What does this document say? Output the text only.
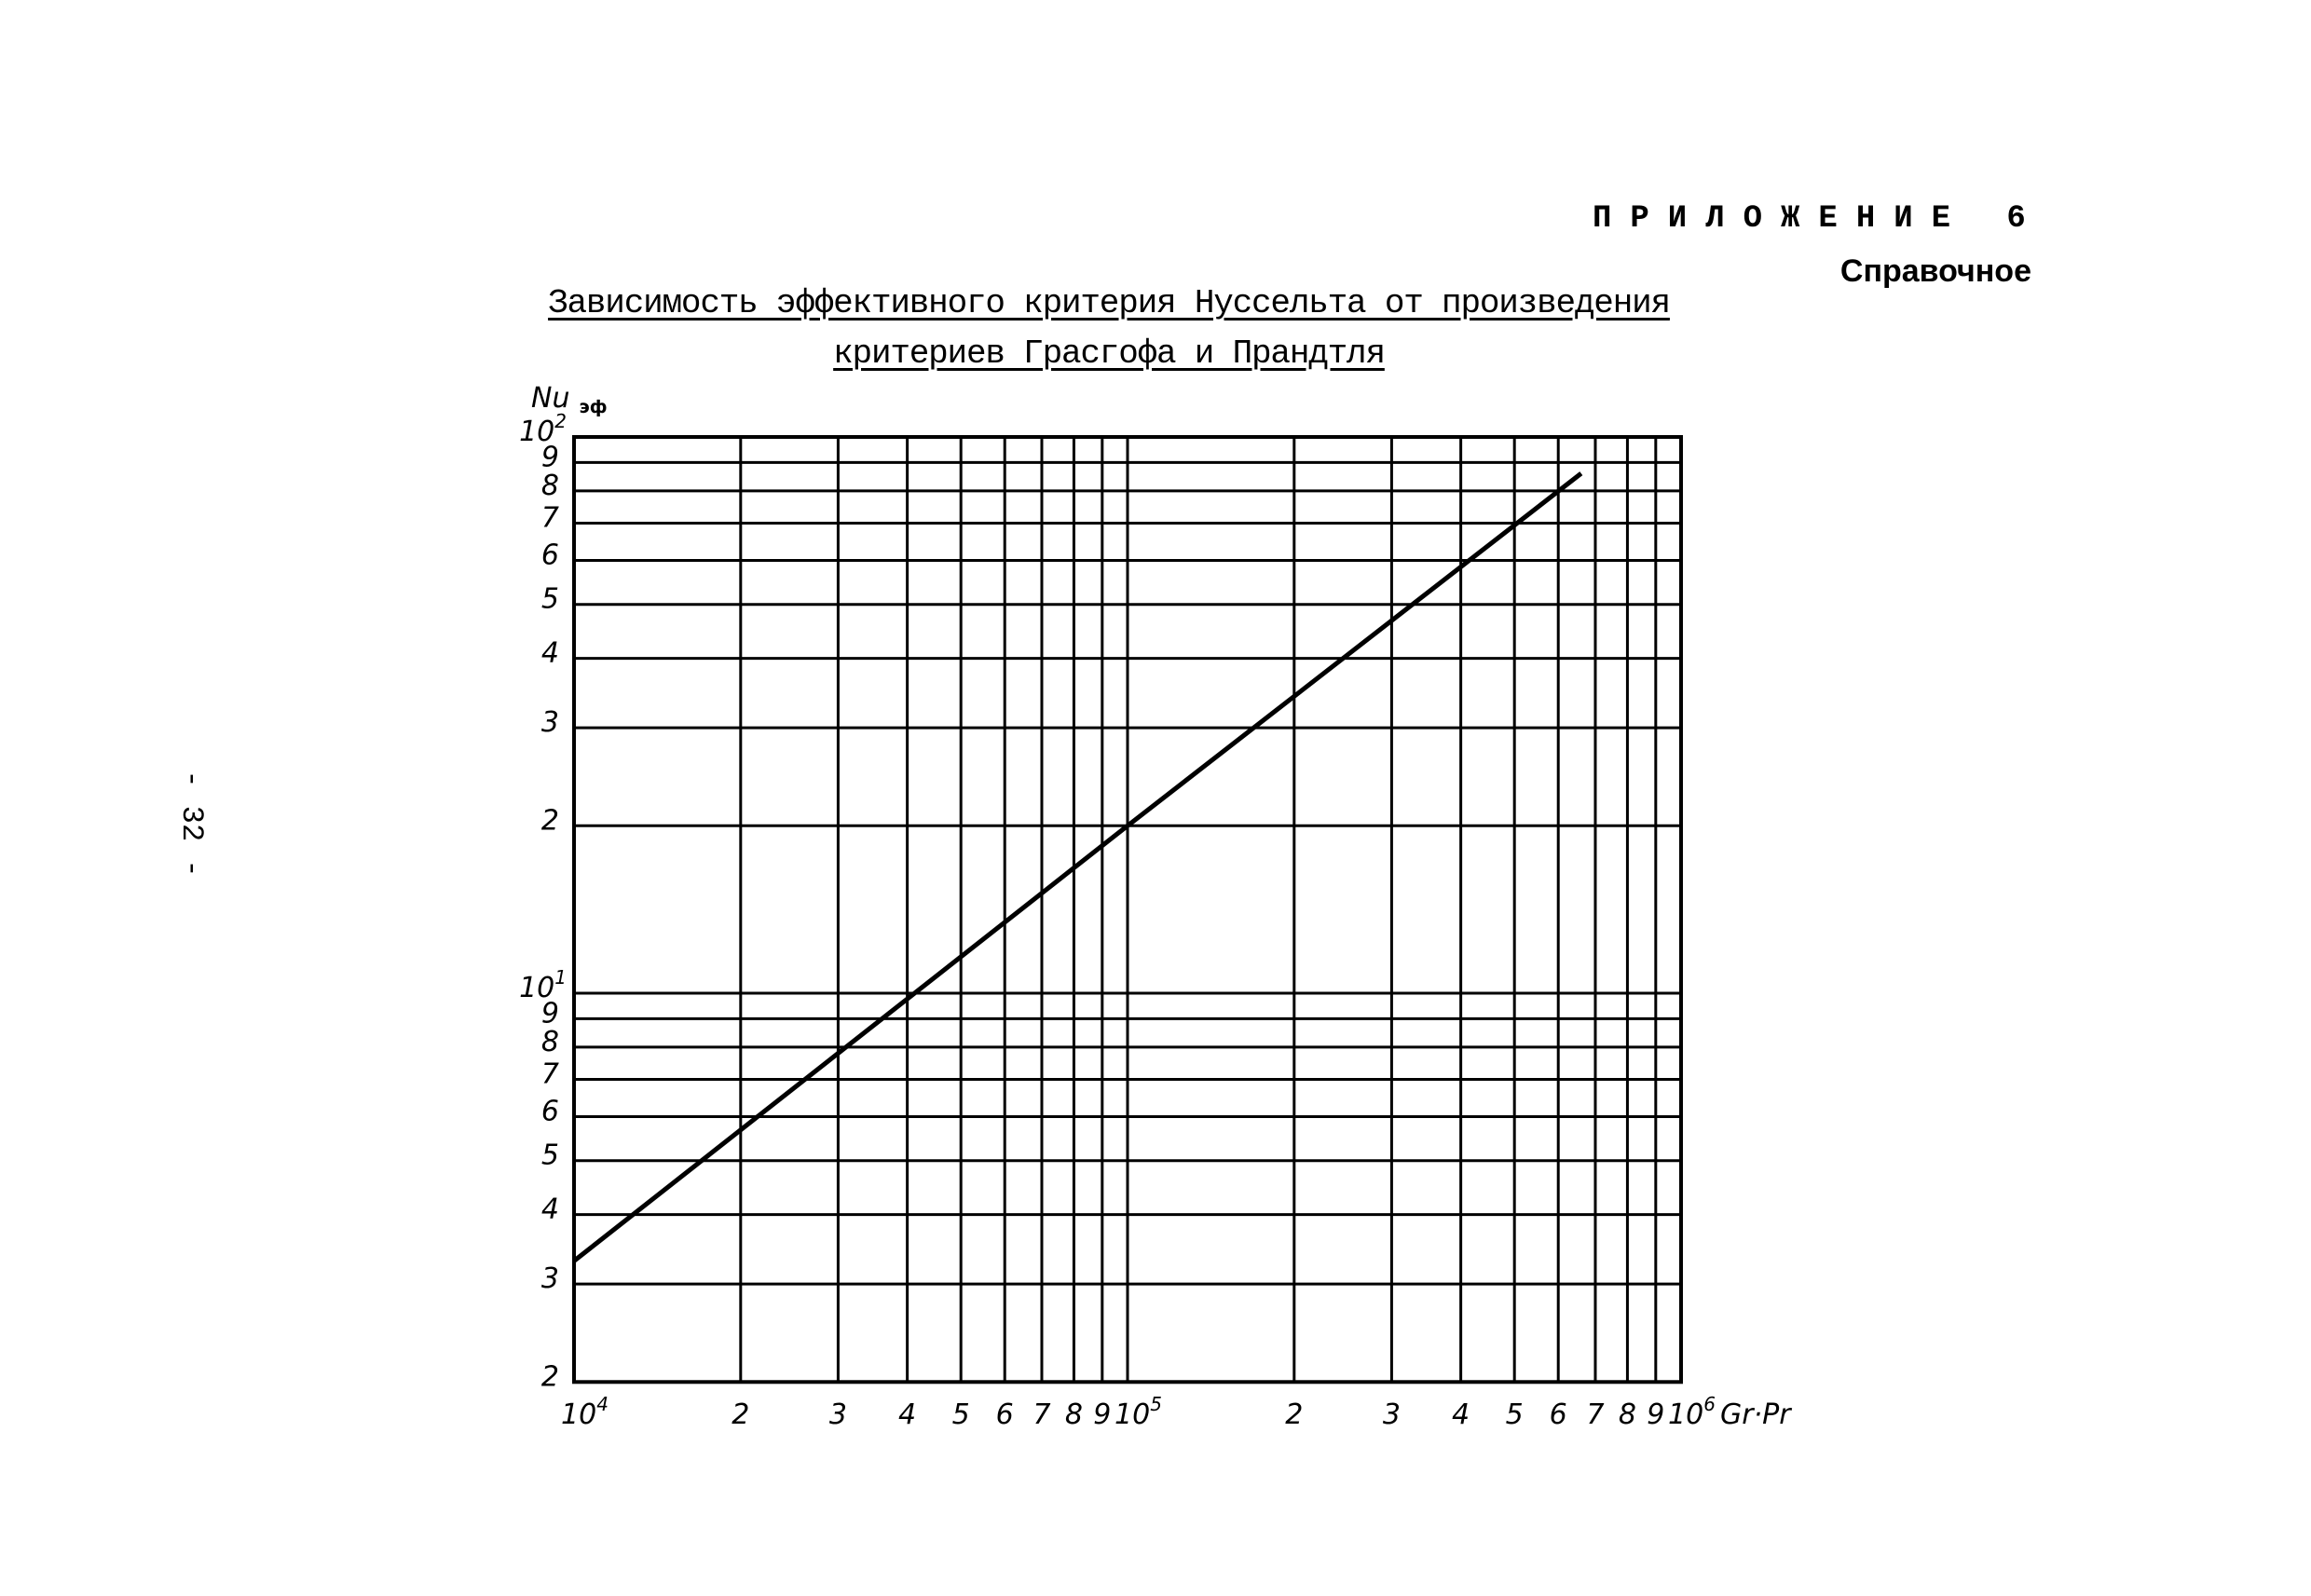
$10^4$	2	3 4 5 6 7 8 9 $10^5$	2	3 4 5 6 7 8 9 $10^6$
$10^2$
9
8
7
6
5
4
3
2
$10^1$
9
8
7
6
5
4
3
2
Nu эф
Gr·Pr
ПРИЛОЖЕНИЕ 6
Справочное
Зависимость эффективного критерия Нуссельта от произведения
критериев Грасгофа и Прандтля
- 32 -
